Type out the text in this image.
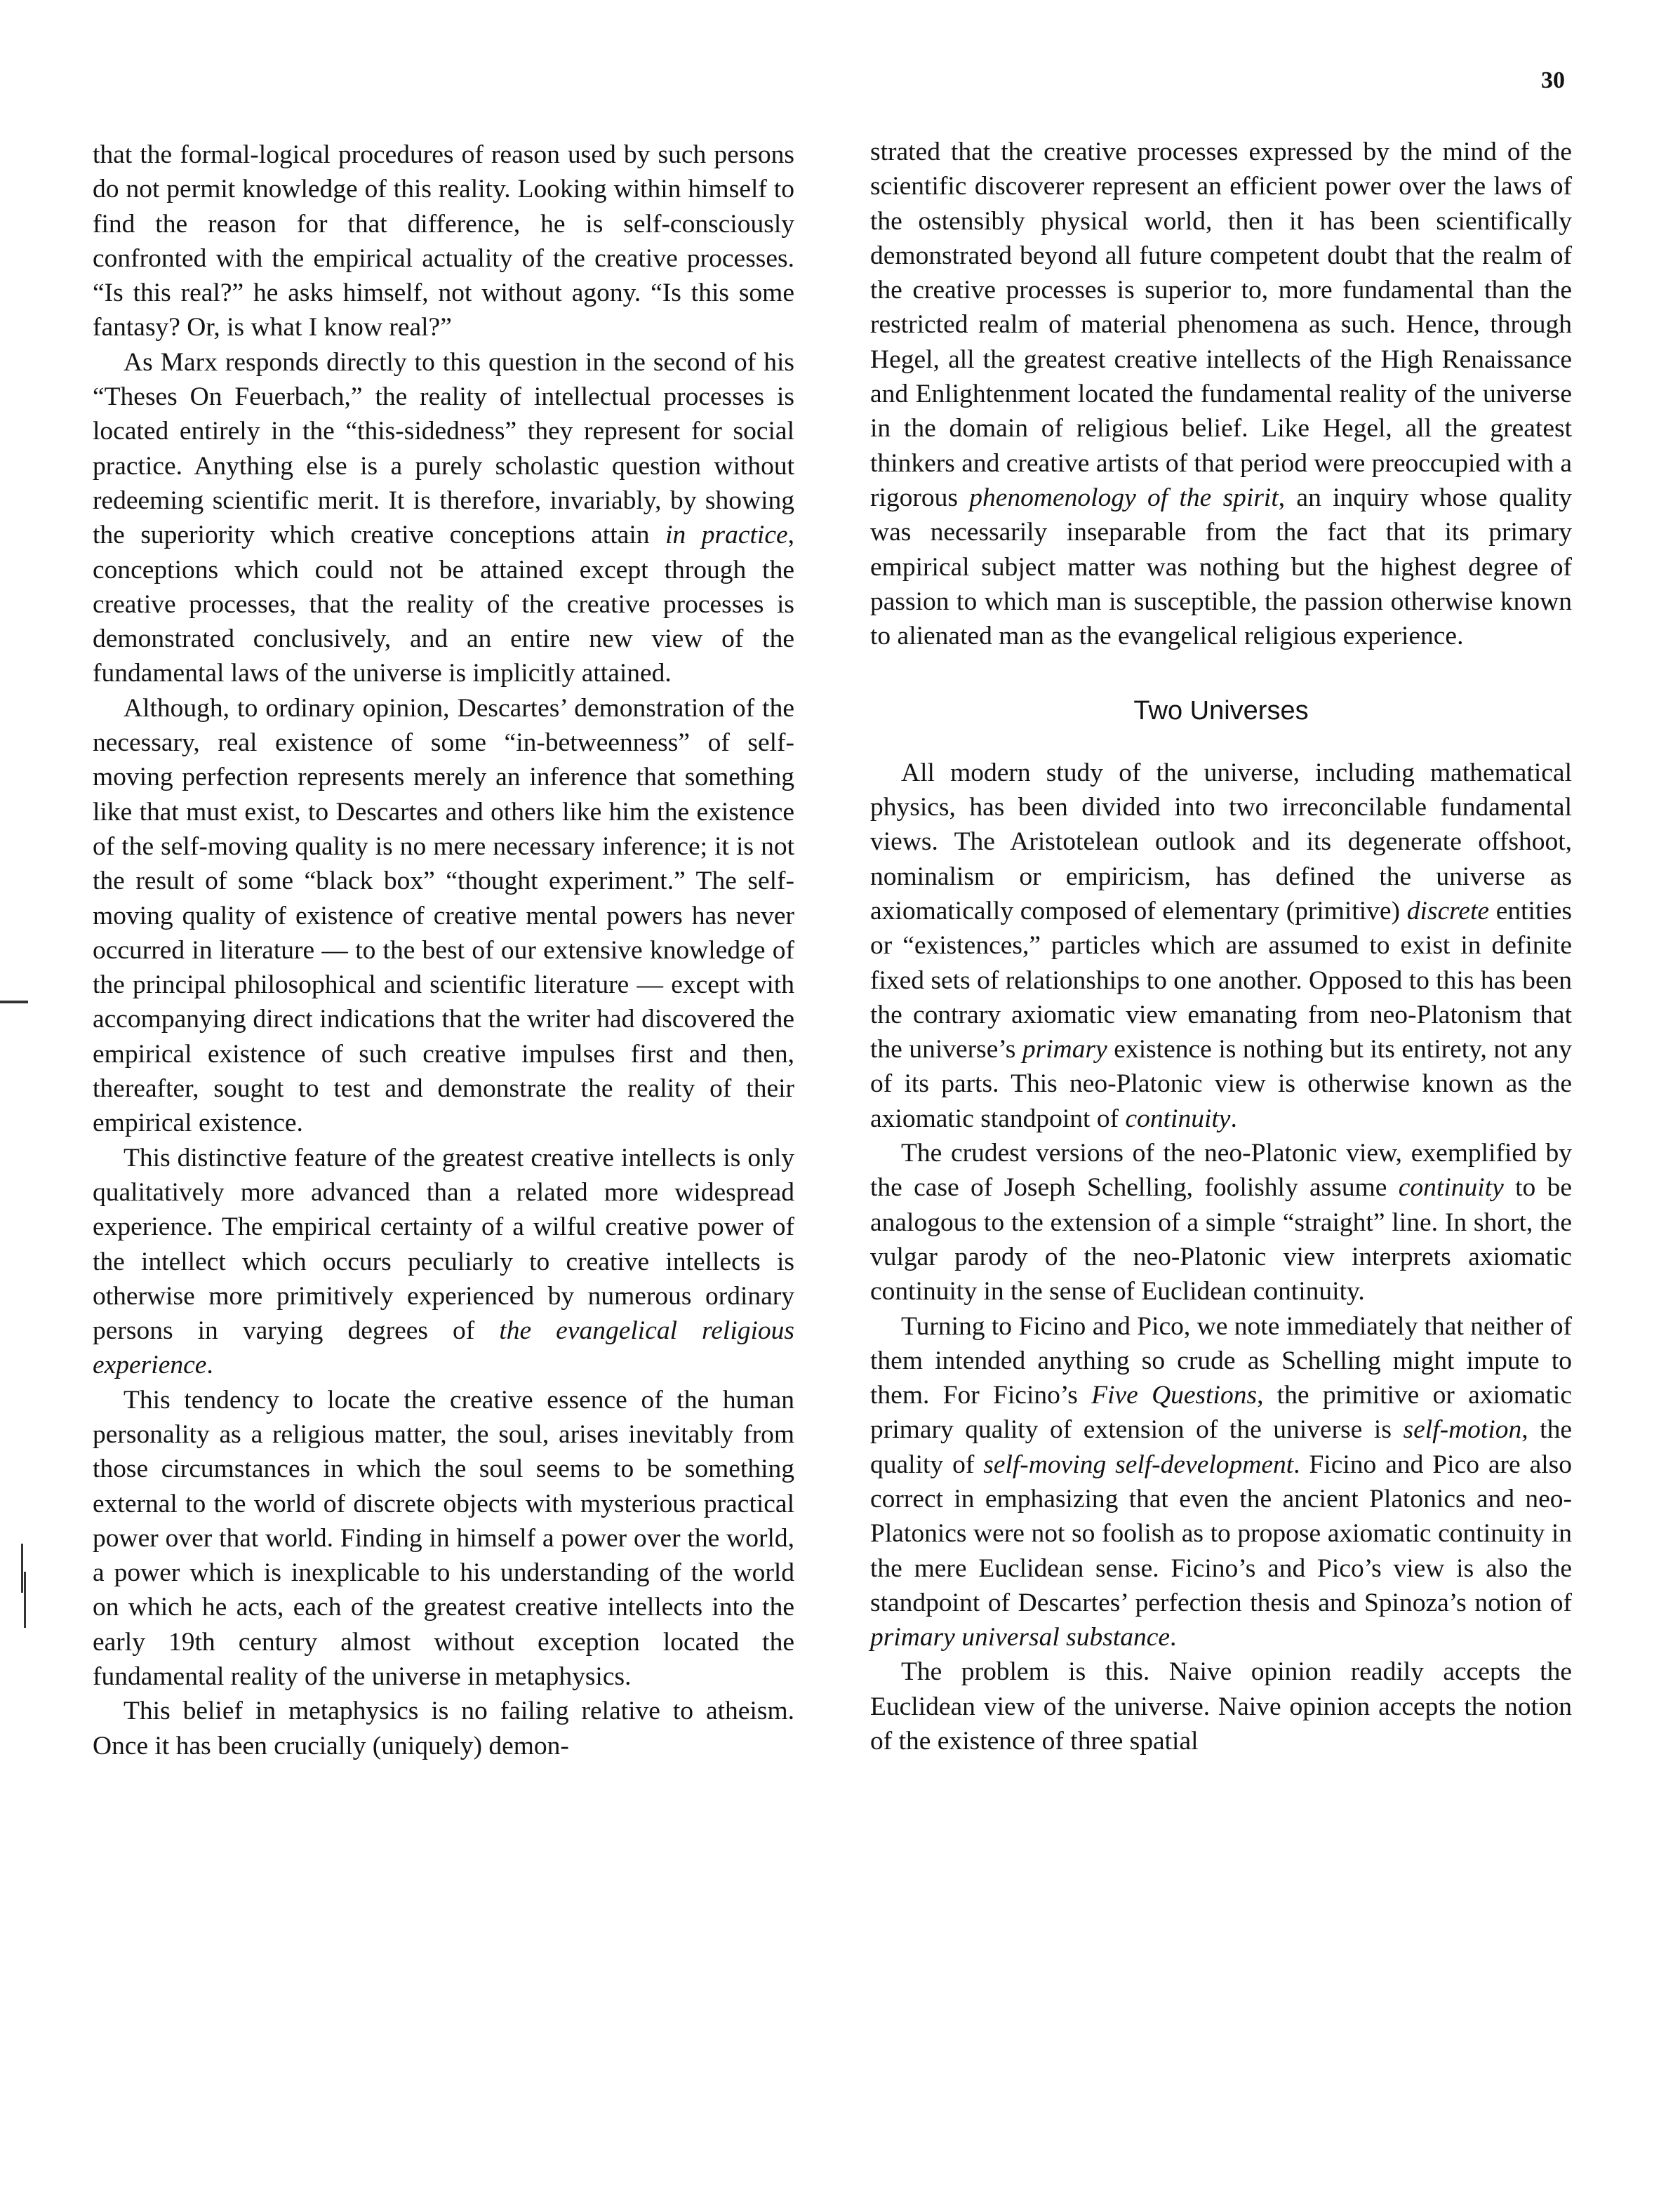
30

that the formal-logical procedures of reason used by such persons do not permit knowledge of this reality. Looking within himself to find the reason for that difference, he is self-consciously confronted with the empirical actuality of the creative processes. “Is this real?” he asks himself, not without agony. “Is this some fantasy? Or, is what I know real?”

As Marx responds directly to this question in the second of his “Theses On Feuerbach,” the reality of intellectual processes is located entirely in the “this-sidedness” they represent for social practice. Anything else is a purely scholastic question without redeeming scientific merit. It is therefore, invariably, by showing the superiority which creative conceptions attain in practice, conceptions which could not be attained except through the creative processes, that the reality of the creative processes is demonstrated conclusively, and an entire new view of the fundamental laws of the universe is implicitly attained.

Although, to ordinary opinion, Descartes’ demonstration of the necessary, real existence of some “in-betweenness” of self-moving perfection represents merely an inference that something like that must exist, to Descartes and others like him the existence of the self-moving quality is no mere necessary inference; it is not the result of some “black box” “thought experiment.” The self-moving quality of existence of creative mental powers has never occurred in literature — to the best of our extensive knowledge of the principal philosophical and scientific literature — except with accompanying direct indications that the writer had discovered the empirical existence of such creative impulses first and then, thereafter, sought to test and demonstrate the reality of their empirical existence.

This distinctive feature of the greatest creative intellects is only qualitatively more advanced than a related more widespread experience. The empirical certainty of a wilful creative power of the intellect which occurs peculiarly to creative intellects is otherwise more primitively experienced by numerous ordinary persons in varying degrees of the evangelical religious experience.

This tendency to locate the creative essence of the human personality as a religious matter, the soul, arises inevitably from those circumstances in which the soul seems to be something external to the world of discrete objects with mysterious practical power over that world. Finding in himself a power over the world, a power which is inexplicable to his understanding of the world on which he acts, each of the greatest creative intellects into the early 19th century almost without exception located the fundamental reality of the universe in metaphysics.

This belief in metaphysics is no failing relative to atheism. Once it has been crucially (uniquely) demon-

strated that the creative processes expressed by the mind of the scientific discoverer represent an efficient power over the laws of the ostensibly physical world, then it has been scientifically demonstrated beyond all future competent doubt that the realm of the creative processes is superior to, more fundamental than the restricted realm of material phenomena as such. Hence, through Hegel, all the greatest creative intellects of the High Renaissance and Enlightenment located the fundamental reality of the universe in the domain of religious belief. Like Hegel, all the greatest thinkers and creative artists of that period were preoccupied with a rigorous phenomenology of the spirit, an inquiry whose quality was necessarily inseparable from the fact that its primary empirical subject matter was nothing but the highest degree of passion to which man is susceptible, the passion otherwise known to alienated man as the evangelical religious experience.

Two Universes

All modern study of the universe, including mathematical physics, has been divided into two irreconcilable fundamental views. The Aristotelean outlook and its degenerate offshoot, nominalism or empiricism, has defined the universe as axiomatically composed of elementary (primitive) discrete entities or “existences,” particles which are assumed to exist in definite fixed sets of relationships to one another. Opposed to this has been the contrary axiomatic view emanating from neo-Platonism that the universe’s primary existence is nothing but its entirety, not any of its parts. This neo-Platonic view is otherwise known as the axiomatic standpoint of continuity.

The crudest versions of the neo-Platonic view, exemplified by the case of Joseph Schelling, foolishly assume continuity to be analogous to the extension of a simple “straight” line. In short, the vulgar parody of the neo-Platonic view interprets axiomatic continuity in the sense of Euclidean continuity.

Turning to Ficino and Pico, we note immediately that neither of them intended anything so crude as Schelling might impute to them. For Ficino’s Five Questions, the primitive or axiomatic primary quality of extension of the universe is self-motion, the quality of self-moving self-development. Ficino and Pico are also correct in emphasizing that even the ancient Platonics and neo-Platonics were not so foolish as to propose axiomatic continuity in the mere Euclidean sense. Ficino’s and Pico’s view is also the standpoint of Descartes’ perfection thesis and Spinoza’s notion of primary universal substance.

The problem is this. Naive opinion readily accepts the Euclidean view of the universe. Naive opinion accepts the notion of the existence of three spatial
